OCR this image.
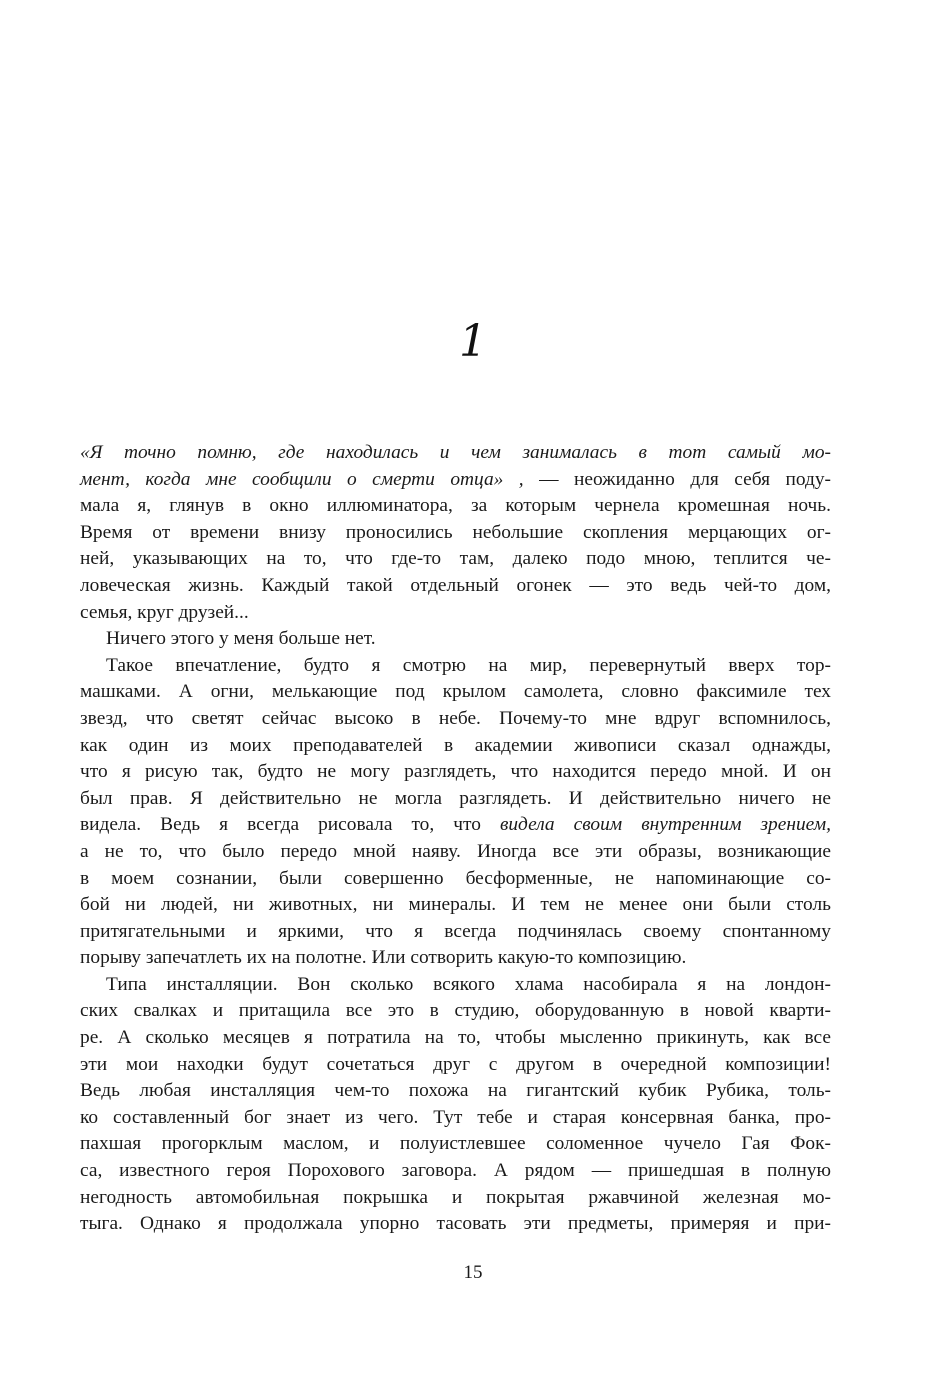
1
«Я точно помню, где находилась и чем занималась в тот самый мо-
мент, когда мне сообщили о смерти отца» , — неожиданно для себя поду-
мала я, глянув в окно иллюминатора, за которым чернела кромешная ночь.
Время от времени внизу проносились небольшие скопления мерцающих ог-
ней, указывающих на то, что где-то там, далеко подо мною, теплится че-
ловеческая жизнь. Каждый такой отдельный огонек — это ведь чей-то дом,
семья, круг друзей...
Ничего этого у меня больше нет.
Такое впечатление, будто я смотрю на мир, перевернутый вверх тор-
машками. А огни, мелькающие под крылом самолета, словно факсимиле тех
звезд, что светят сейчас высоко в небе. Почему-то мне вдруг вспомнилось,
как один из моих преподавателей в академии живописи сказал однажды,
что я рисую так, будто не могу разглядеть, что находится передо мной. И он
был прав. Я действительно не могла разглядеть. И действительно ничего не
видела. Ведь я всегда рисовала то, что видела своим внутренним зрением,
а не то, что было передо мной наяву. Иногда все эти образы, возникающие
в моем сознании, были совершенно бесформенные, не напоминающие со-
бой ни людей, ни животных, ни минералы. И тем не менее они были столь
притягательными и яркими, что я всегда подчинялась своему спонтанному
порыву запечатлеть их на полотне. Или сотворить какую-то композицию.
Типа инсталляции. Вон сколько всякого хлама насобирала я на лондон-
ских свалках и притащила все это в студию, оборудованную в новой кварти-
ре. А сколько месяцев я потратила на то, чтобы мысленно прикинуть, как все
эти мои находки будут сочетаться друг с другом в очередной композиции!
Ведь любая инсталляция чем-то похожа на гигантский кубик Рубика, толь-
ко составленный бог знает из чего. Тут тебе и старая консервная банка, про-
пахшая прогорклым маслом, и полуистлевшее соломенное чучело Гая Фок-
са, известного героя Порохового заговора. А рядом — пришедшая в полную
негодность автомобильная покрышка и покрытая ржавчиной железная мо-
тыга. Однако я продолжала упорно тасовать эти предметы, примеряя и при-
15
